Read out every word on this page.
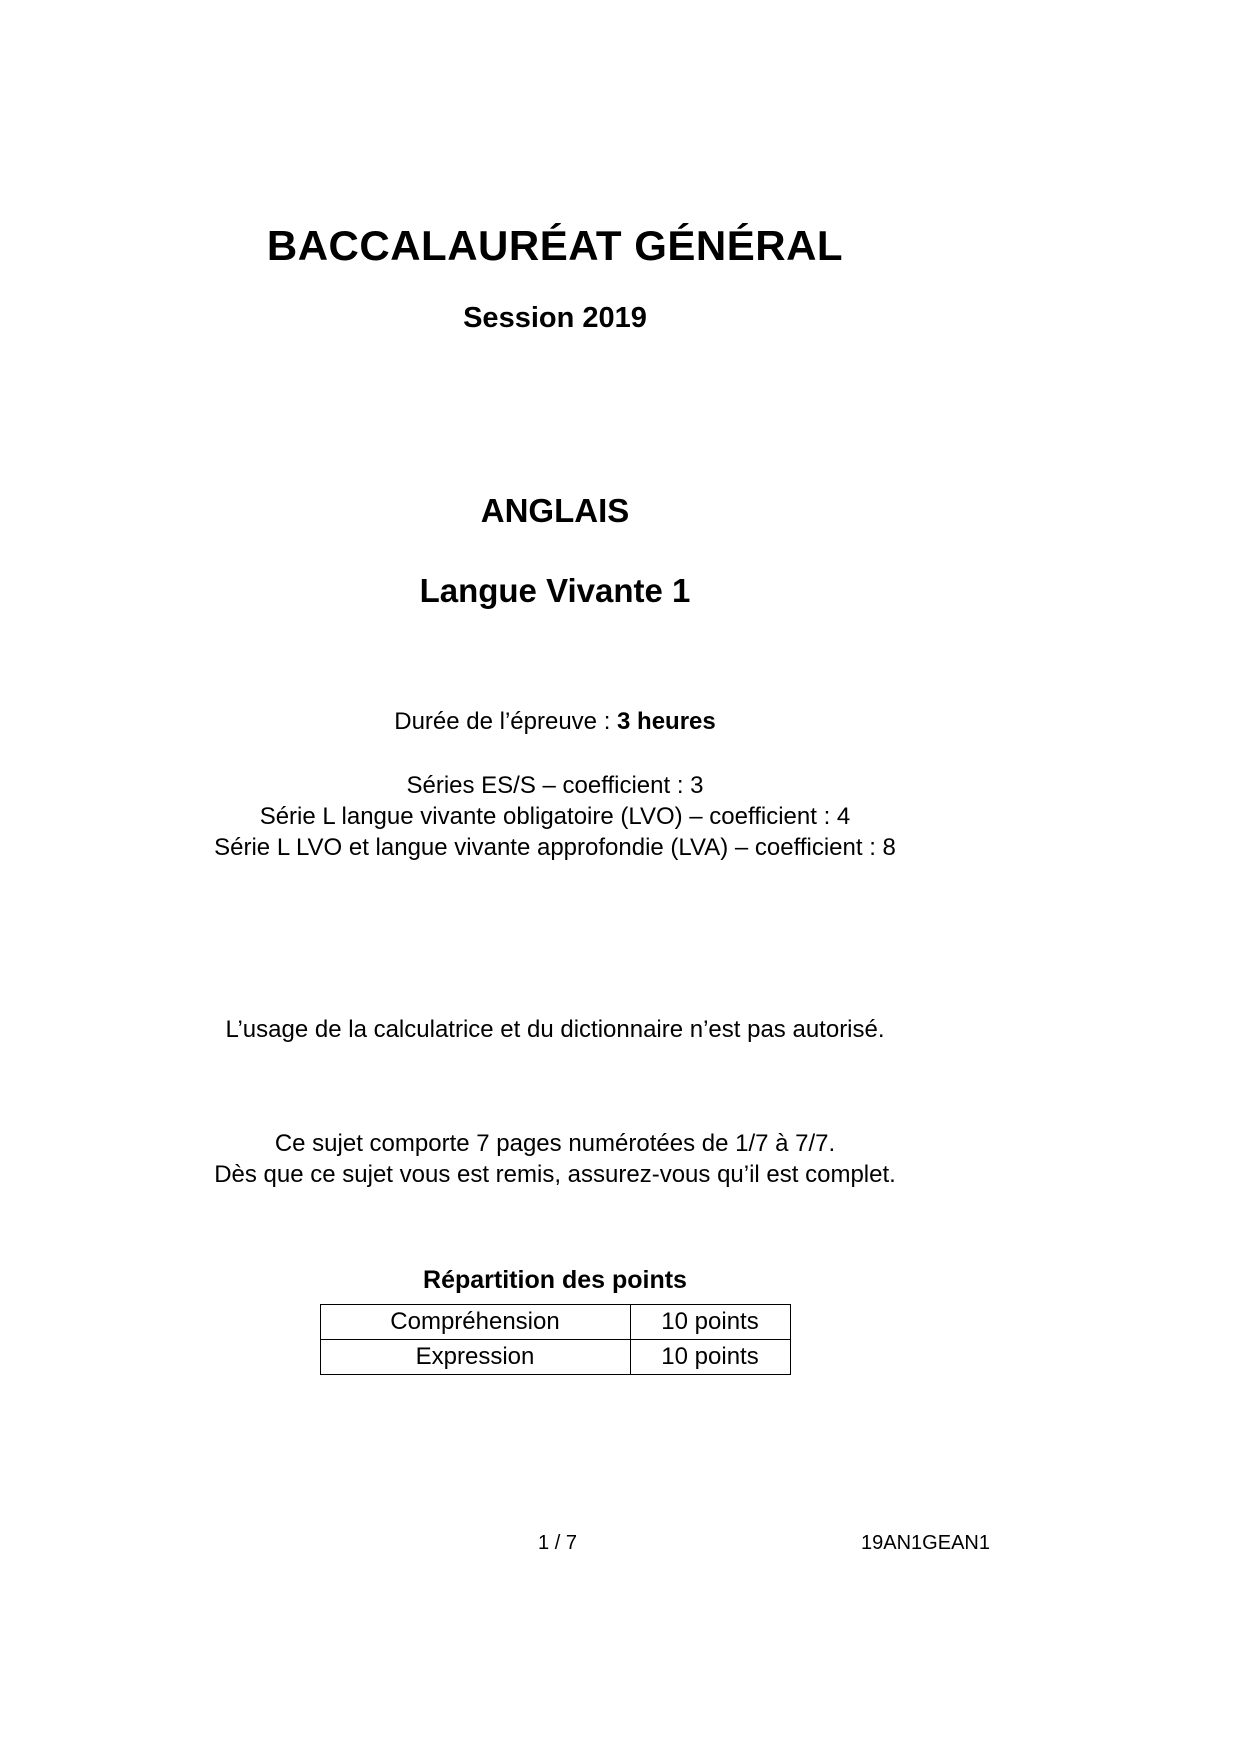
BACCALAURÉAT GÉNÉRAL
Session 2019
ANGLAIS
Langue Vivante 1

Durée de l’épreuve : 3 heures

Séries ES/S – coefficient : 3

Série L langue vivante obligatoire (LVO) – coefficient : 4

Série L LVO et langue vivante approfondie (LVA) – coefficient : 8

L’usage de la calculatrice et du dictionnaire n’est pas autorisé.

Ce sujet comporte 7 pages numérotées de 1/7 à 7/7.

Dès que ce sujet vous est remis, assurez-vous qu’il est complet.

Répartition des points
Compréhension	10 points
Expression	10 points
1 / 7	19AN1GEAN1
